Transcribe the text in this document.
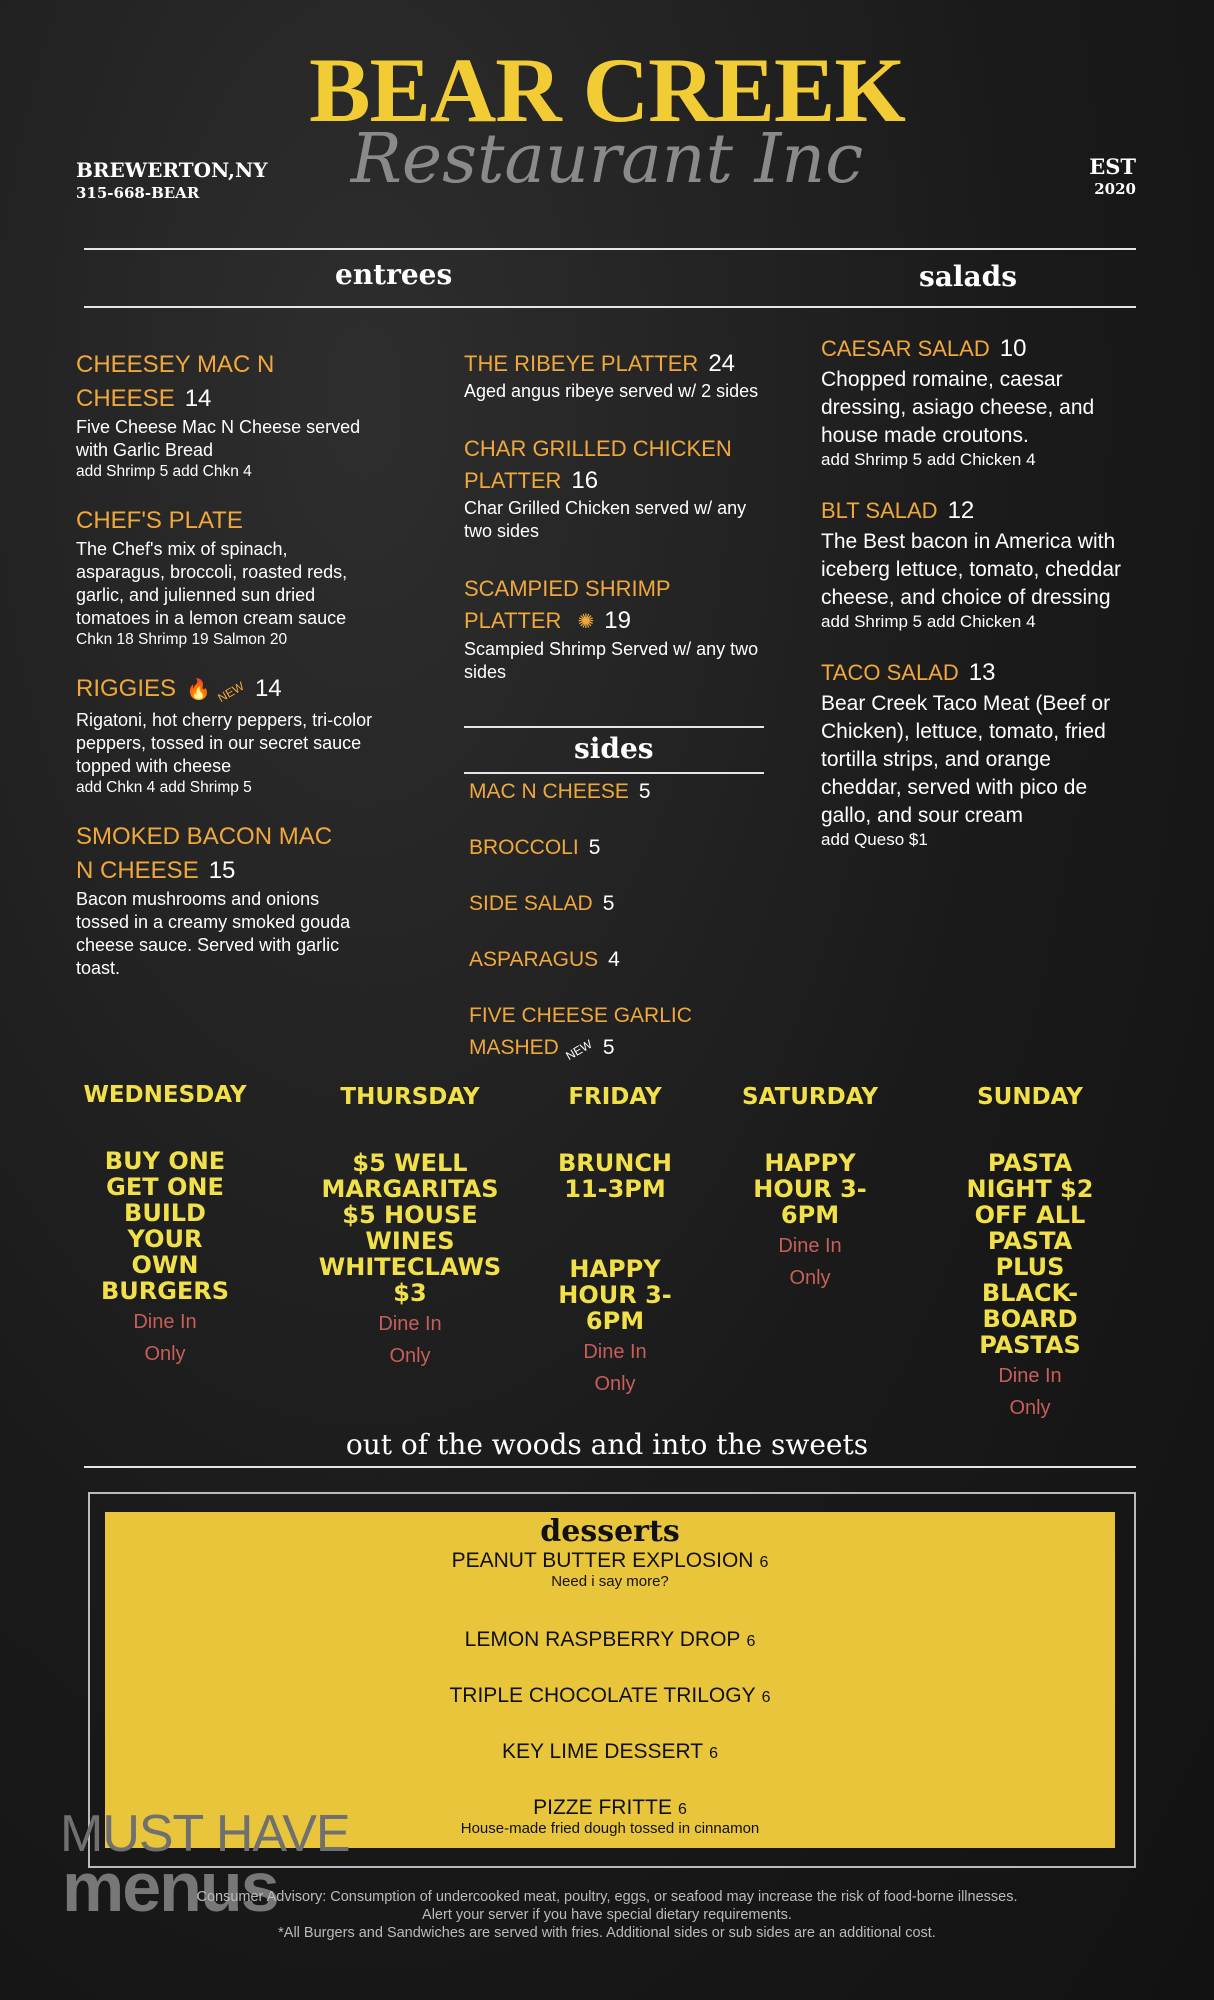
BEAR CREEK
Restaurant Inc
BREWERTON,NY
315-668-BEAR
EST
2020
entrees	salads
CHEESEY MAC N
CHEESE 14
Five Cheese Mac N Cheese served with Garlic Bread
add Shrimp 5 add Chkn 4
CHEF'S PLATE
The Chef's mix of spinach, asparagus, broccoli, roasted reds, garlic, and julienned sun dried tomatoes in a lemon cream sauce
Chkn 18 Shrimp 19 Salmon 20
RIGGIES 🔥 NEW 14
Rigatoni, hot cherry peppers, tri-color peppers, tossed in our secret sauce topped with cheese
add Chkn 4 add Shrimp 5
SMOKED BACON MAC
N CHEESE 15
Bacon mushrooms and onions tossed in a creamy smoked gouda cheese sauce. Served with garlic toast.
THE RIBEYE PLATTER 24
Aged angus ribeye served w/ 2 sides
CHAR GRILLED CHICKEN PLATTER 16
Char Grilled Chicken served w/ any two sides
SCAMPIED SHRIMP PLATTER ✺ 19
Scampied Shrimp Served w/ any two sides
sides
MAC N CHEESE 5
BROCCOLI 5
SIDE SALAD 5
ASPARAGUS 4
FIVE CHEESE GARLIC
MASHED NEW 5
CAESAR SALAD 10
Chopped romaine, caesar dressing, asiago cheese, and house made croutons.
add Shrimp 5 add Chicken 4
BLT SALAD 12
The Best bacon in America with iceberg lettuce, tomato, cheddar cheese, and choice of dressing
add Shrimp 5 add Chicken 4
TACO SALAD 13
Bear Creek Taco Meat (Beef or Chicken), lettuce, tomato, fried tortilla strips, and orange cheddar, served with pico de gallo, and sour cream
add Queso $1
WEDNESDAY
BUY ONE
GET ONE
BUILD
YOUR
OWN
BURGERS
Dine In
Only
THURSDAY
$5 WELL
MARGARITAS
$5 HOUSE
WINES
WHITECLAWS
$3
Dine In
Only
FRIDAY
BRUNCH
11-3PM
HAPPY
HOUR 3-
6PM
Dine In
Only
SATURDAY
HAPPY
HOUR 3-
6PM
Dine In
Only
SUNDAY
PASTA
NIGHT $2
OFF ALL
PASTA
PLUS
BLACK-
BOARD
PASTAS
Dine In
Only
out of the woods and into the sweets
desserts
PEANUT BUTTER EXPLOSION 6
Need i say more?
LEMON RASPBERRY DROP 6
TRIPLE CHOCOLATE TRILOGY 6
KEY LIME DESSERT 6
PIZZE FRITTE 6
House-made fried dough tossed in cinnamon
MUST HAVE
menus
Consumer Advisory: Consumption of undercooked meat, poultry, eggs, or seafood may increase the risk of food-borne illnesses.
Alert your server if you have special dietary requirements.
*All Burgers and Sandwiches are served with fries. Additional sides or sub sides are an additional cost.
